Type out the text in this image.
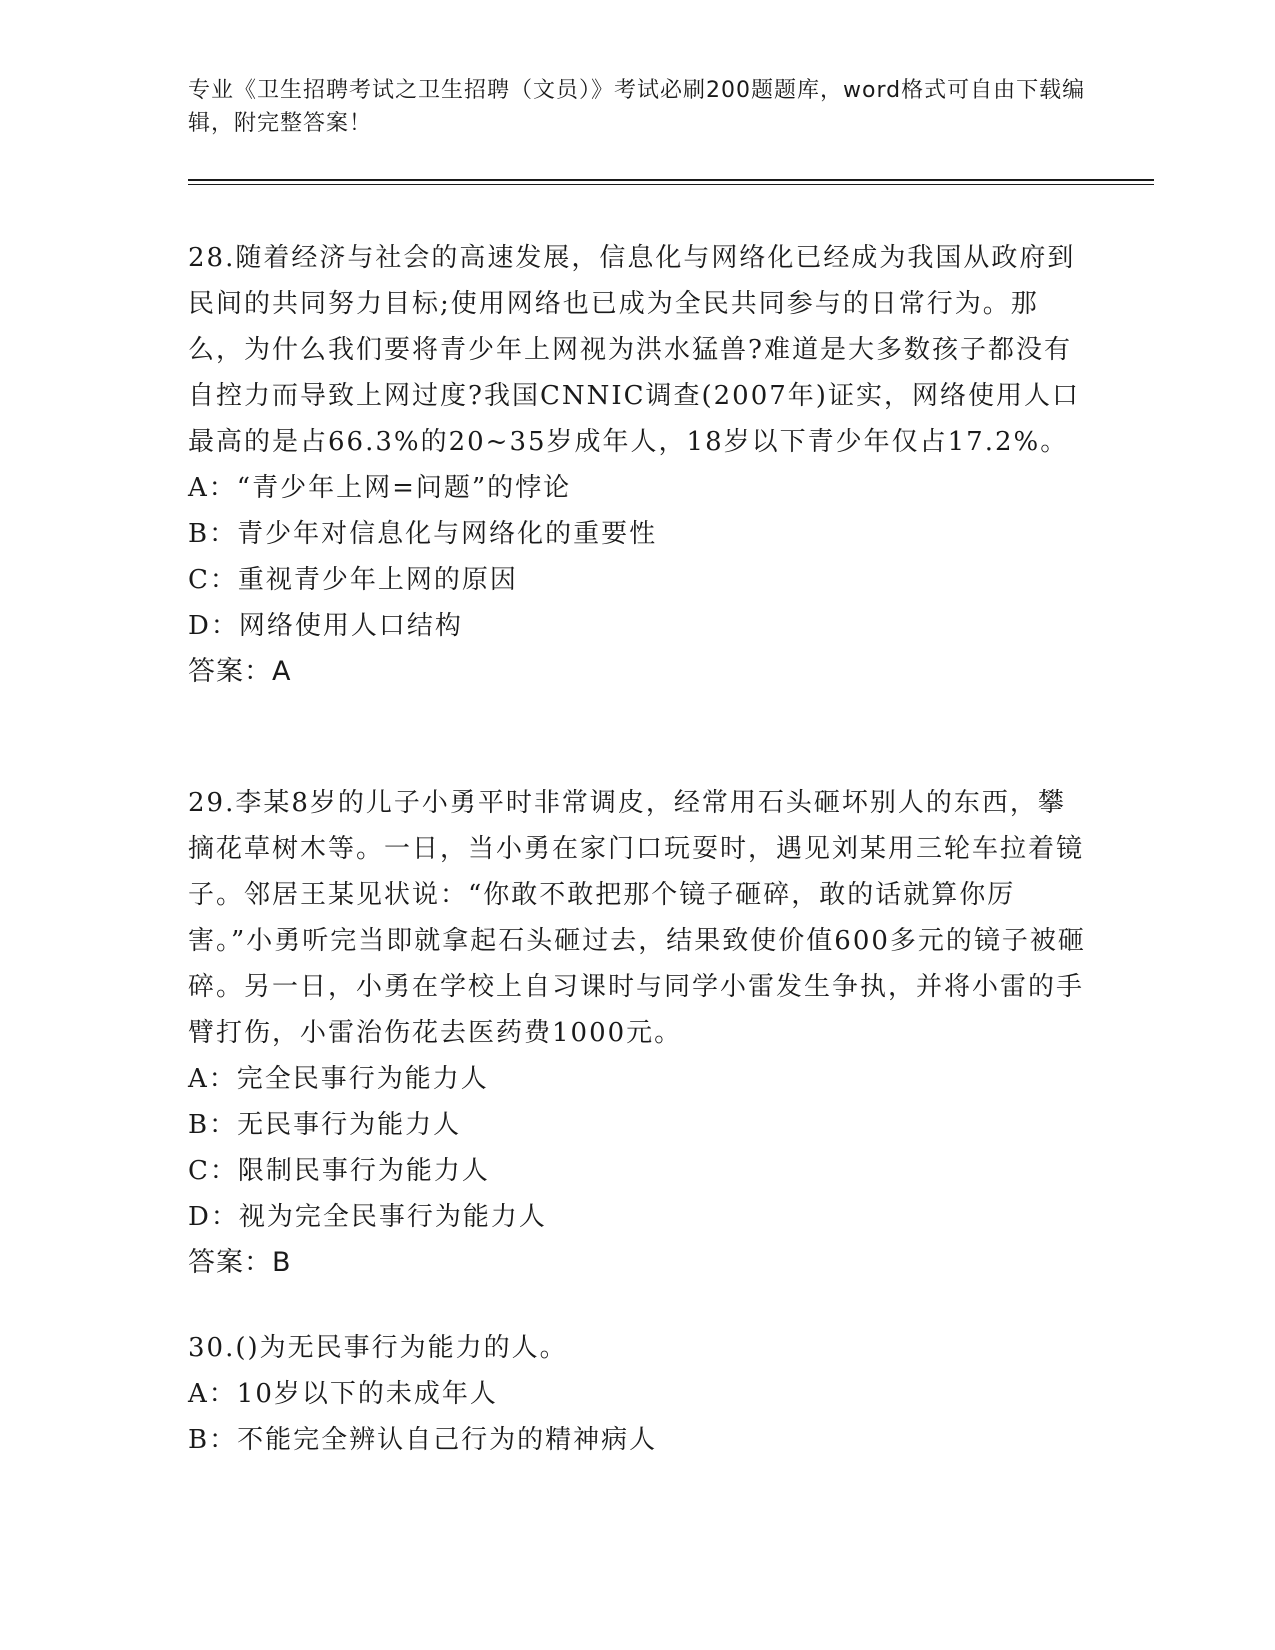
专业《卫生招聘考试之卫生招聘（文员）》考试必刷200题题库，word格式可自由下载编辑，附完整答案！

28.随着经济与社会的高速发展，信息化与网络化已经成为我国从政府到民间的共同努力目标;使用网络也已成为全民共同参与的日常行为。那么，为什么我们要将青少年上网视为洪水猛兽?难道是大多数孩子都没有自控力而导致上网过度?我国CNNIC调查(2007年)证实，网络使用人口最高的是占66.3%的20~35岁成年人，18岁以下青少年仅占17.2%。

A：“青少年上网=问题”的悖论

B：青少年对信息化与网络化的重要性

C：重视青少年上网的原因

D：网络使用人口结构

答案：A

29.李某8岁的儿子小勇平时非常调皮，经常用石头砸坏别人的东西，攀摘花草树木等。一日，当小勇在家门口玩耍时，遇见刘某用三轮车拉着镜子。邻居王某见状说：“你敢不敢把那个镜子砸碎，敢的话就算你厉害。”小勇听完当即就拿起石头砸过去，结果致使价值600多元的镜子被砸碎。另一日，小勇在学校上自习课时与同学小雷发生争执，并将小雷的手臂打伤，小雷治伤花去医药费1000元。

A：完全民事行为能力人

B：无民事行为能力人

C：限制民事行为能力人

D：视为完全民事行为能力人

答案：B

30.()为无民事行为能力的人。

A：10岁以下的未成年人

B：不能完全辨认自己行为的精神病人
